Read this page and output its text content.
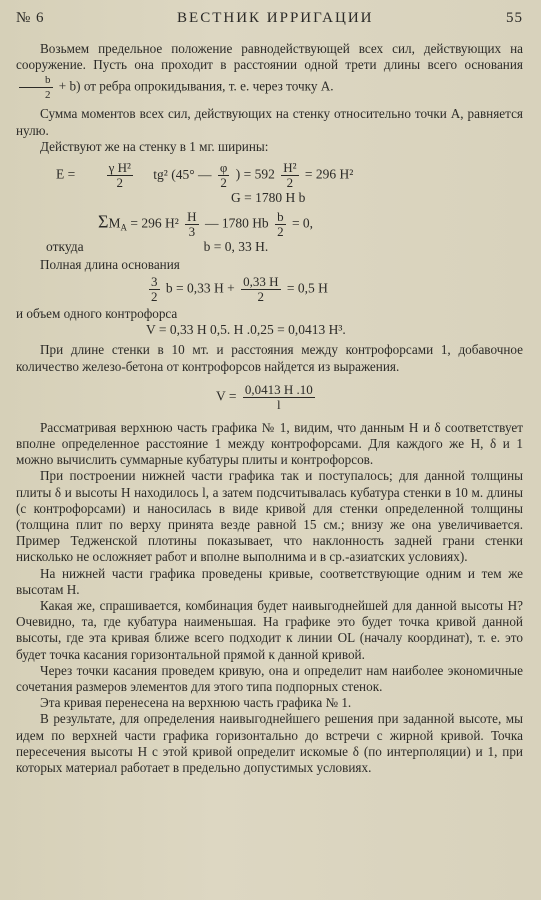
№ 6	ВЕСТНИК ИРРИГАЦИИ	55

Возьмем предельное положение равнодействующей всех сил, действующих на сооружение. Пусть она проходит в расстоянии одной трети длины всего основания
$\frac{b}{2} + b$) от ребра опрокидывания, т. е. через точку А.

Сумма моментов всех сил, действующих на стенку относительно точки А, равняется нулю.

Действуют же на стенку в 1 мг. ширины:

$E = \frac{\text{γ H²}}{2} tg^2$ (45° — $\frac{\varphi}{2}$ ) = $592 \frac{\text{H²}}{2} = 296$ H²
G = 1780 H b
$\Sigma M_A = 296$ $H^2 \frac{H}{3}$ — 1780 Hb $\frac{b}{2} = 0$,
откуда	b = 0, 33 H.

Полная длина основания

$\frac{3}{2}$ b = 0,33 $H + \frac{0,33 H}{2} = 0,5$ H

и объем одного контрофорса

V = 0,33 H 0,5. H .0,25 = 0,0413 H³.

При длине стенки в 10 мт. и расстояния между контрофорсами 1, добавочное количество железо-бетона от контрофорсов найдется из выражения.

$V = \frac{0,0413 H .10}{l}$

Рассматривая верхнюю часть графика № 1, видим, что данным Н и δ соответствует вполне определенное расстояние 1 между контрофорсами. Для каждого же Н, δ и 1 можно вычислить суммарные кубатуры плиты и контрофорсов.

При построении нижней части графика так и поступалось; для данной толщины плиты δ и высоты Н находилось l, а затем подсчитывалась кубатура стенки в 10 м. длины (с контрофорсами) и наносилась в виде кривой для стенки определенной толщины (толщина плит по верху принята везде равной 15 см.; внизу же она увеличивается. Пример Тедженской плотины показывает, что наклонность задней грани стенки нисколько не осложняет работ и вполне выполнима и в ср.-азиатских условиях).

На нижней части графика проведены кривые, соответствующие одним и тем же высотам Н.

Какая же, спрашивается, комбинация будет наивыгоднейшей для данной высоты Н? Очевидно, та, где кубатура наименьшая. На графике это будет точка кривой данной высоты, где эта кривая ближе всего подходит к линии OL (началу координат), т. е. это будет точка касания горизонтальной прямой к данной кривой.

Через точки касания проведем кривую, она и определит нам наиболее экономичные сочетания размеров элементов для этого типа подпорных стенок.

Эта кривая перенесена на верхнюю часть графика № 1.

В результате, для определения наивыгоднейшего решения при заданной высоте, мы идем по верхней части графика горизонтально до встречи с жирной кривой. Точка пересечения высоты Н с этой кривой определит искомые δ (по интерполяции) и 1, при которых материал работает в предельно допустимых условиях.
